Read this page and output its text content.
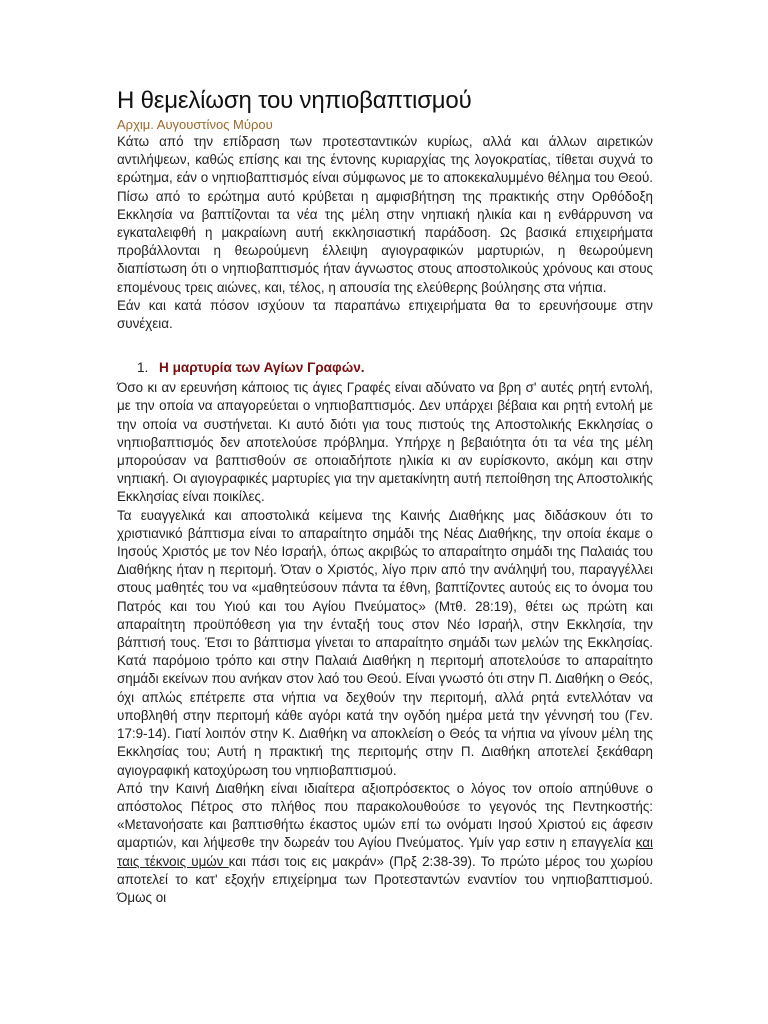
Η θεμελίωση του νηπιοβαπτισμού

Αρχιμ. Αυγουστίνος Μύρου

Κάτω από την επίδραση των προτεσταντικών κυρίως, αλλά και άλλων αιρετικών αντιλήψεων, καθώς επίσης και της έντονης κυριαρχίας της λογοκρατίας, τίθεται συχνά το ερώτημα, εάν ο νηπιοβαπτισμός είναι σύμφωνος με το αποκεκαλυμμένο θέλημα του Θεού. Πίσω από το ερώτημα αυτό κρύβεται η αμφισβήτηση της πρακτικής στην Ορθόδοξη Εκκλησία να βαπτίζονται τα νέα της μέλη στην νηπιακή ηλικία και η ενθάρρυνση να εγκαταλειφθή η μακραίωνη αυτή εκκλησιαστική παράδοση. Ως βασικά επιχειρήματα προβάλλονται η θεωρούμενη έλλειψη αγιογραφικών μαρτυριών, η θεωρούμενη διαπίστωση ότι ο νηπιοβαπτισμός ήταν άγνωστος στους αποστολικούς χρόνους και στους επομένους τρεις αιώνες, και, τέλος, η απουσία της ελεύθερης βούλησης στα νήπια.

Εάν και κατά πόσον ισχύουν τα παραπάνω επιχειρήματα θα το ερευνήσουμε στην συνέχεια.

1. Η μαρτυρία των Αγίων Γραφών.

Όσο κι αν ερευνήση κάποιος τις άγιες Γραφές είναι αδύνατο να βρη σ' αυτές ρητή εντολή, με την οποία να απαγορεύεται ο νηπιοβαπτισμός. Δεν υπάρχει βέβαια και ρητή εντολή με την οποία να συστήνεται. Κι αυτό διότι για τους πιστούς της Αποστολικής Εκκλησίας ο νηπιοβαπτισμός δεν αποτελούσε πρόβλημα. Υπήρχε η βεβαιότητα ότι τα νέα της μέλη μπορούσαν να βαπτισθούν σε οποιαδήποτε ηλικία κι αν ευρίσκοντο, ακόμη και στην νηπιακή. Οι αγιογραφικές μαρτυρίες για την αμετακίνητη αυτή πεποίθηση της Αποστολικής Εκκλησίας είναι ποικίλες.

Τα ευαγγελικά και αποστολικά κείμενα της Καινής Διαθήκης μας διδάσκουν ότι το χριστιανικό βάπτισμα είναι το απαραίτητο σημάδι της Νέας Διαθήκης, την οποία έκαμε ο Ιησούς Χριστός με τον Νέο Ισραήλ, όπως ακριβώς το απαραίτητο σημάδι της Παλαιάς του Διαθήκης ήταν η περιτομή. Όταν ο Χριστός, λίγο πριν από την ανάληψή του, παραγγέλλει στους μαθητές του να «μαθητεύσουν πάντα τα έθνη, βαπτίζοντες αυτούς εις το όνομα του Πατρός και του Υιού και του Αγίου Πνεύματος» (Μτθ. 28:19), θέτει ως πρώτη και απαραίτητη προϋπόθεση για την ένταξή τους στον Νέο Ισραήλ, στην Εκκλησία, την βάπτισή τους. Έτσι το βάπτισμα γίνεται το απαραίτητο σημάδι των μελών της Εκκλησίας. Κατά παρόμοιο τρόπο και στην Παλαιά Διαθήκη η περιτομή αποτελούσε το απαραίτητο σημάδι εκείνων που ανήκαν στον λαό του Θεού. Είναι γνωστό ότι στην Π. Διαθήκη ο Θεός, όχι απλώς επέτρεπε στα νήπια να δεχθούν την περιτομή, αλλά ρητά εντελλόταν να υποβληθή στην περιτομή κάθε αγόρι κατά την ογδόη ημέρα μετά την γέννησή του (Γεν. 17:9-14). Γιατί λοιπόν στην Κ. Διαθήκη να αποκλείση ο Θεός τα νήπια να γίνουν μέλη της Εκκλησίας του; Αυτή η πρακτική της περιτομής στην Π. Διαθήκη αποτελεί ξεκάθαρη αγιογραφική κατοχύρωση του νηπιοβαπτισμού.

Από την Καινή Διαθήκη είναι ιδιαίτερα αξιοπρόσεκτος ο λόγος τον οποίο απηύθυνε ο απόστολος Πέτρος στο πλήθος που παρακολουθούσε το γεγονός της Πεντηκοστής: «Μετανοήσατε και βαπτισθήτω έκαστος υμών επί τω ονόματι Ιησού Χριστού εις άφεσιν αμαρτιών, και λήψεσθε την δωρεάν του Αγίου Πνεύματος. Υμίν γαρ εστιν η επαγγελία και ταις τέκνοις υμών και πάσι τοις εις μακράν» (Πρξ 2:38-39). Το πρώτο μέρος του χωρίου αποτελεί το κατ' εξοχήν επιχείρημα των Προτεσταντών εναντίον του νηπιοβαπτισμού. Όμως οι
